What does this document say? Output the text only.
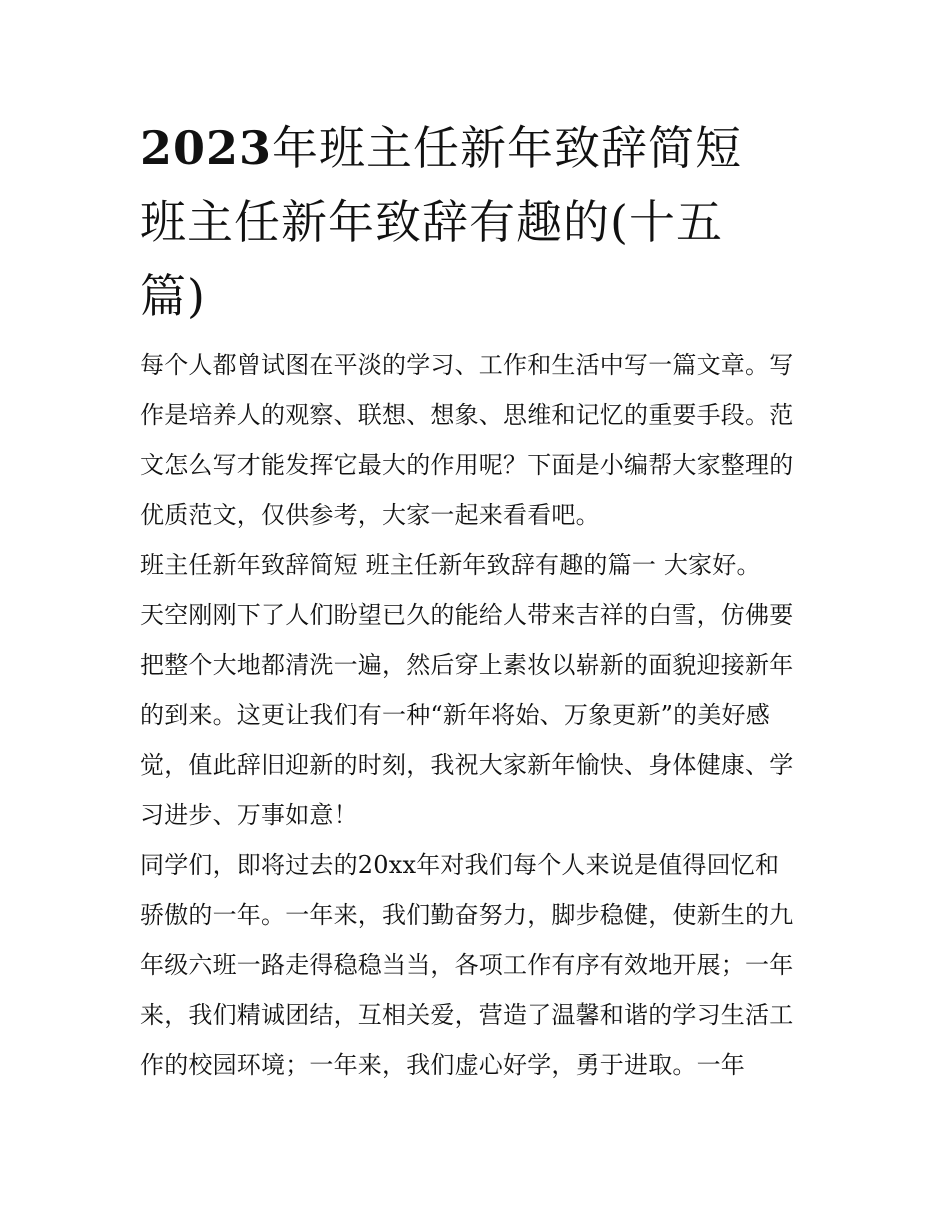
2023年班主任新年致辞简短
班主任新年致辞有趣的(十五
篇)

每个人都曾试图在平淡的学习、工作和生活中写一篇文章。写
作是培养人的观察、联想、想象、思维和记忆的重要手段。范
文怎么写才能发挥它最大的作用呢？下面是小编帮大家整理的
优质范文，仅供参考，大家一起来看看吧。

班主任新年致辞简短 班主任新年致辞有趣的篇一 大家好。

天空刚刚下了人们盼望已久的能给人带来吉祥的白雪，仿佛要
把整个大地都清洗一遍，然后穿上素妆以崭新的面貌迎接新年
的到来。这更让我们有一种“新年将始、万象更新”的美好感
觉，值此辞旧迎新的时刻，我祝大家新年愉快、身体健康、学
习进步、万事如意！

同学们，即将过去的20xx年对我们每个人来说是值得回忆和
骄傲的一年。一年来，我们勤奋努力，脚步稳健，使新生的九
年级六班一路走得稳稳当当，各项工作有序有效地开展；一年
来，我们精诚团结，互相关爱，营造了温馨和谐的学习生活工
作的校园环境；一年来，我们虚心好学，勇于进取。一年
